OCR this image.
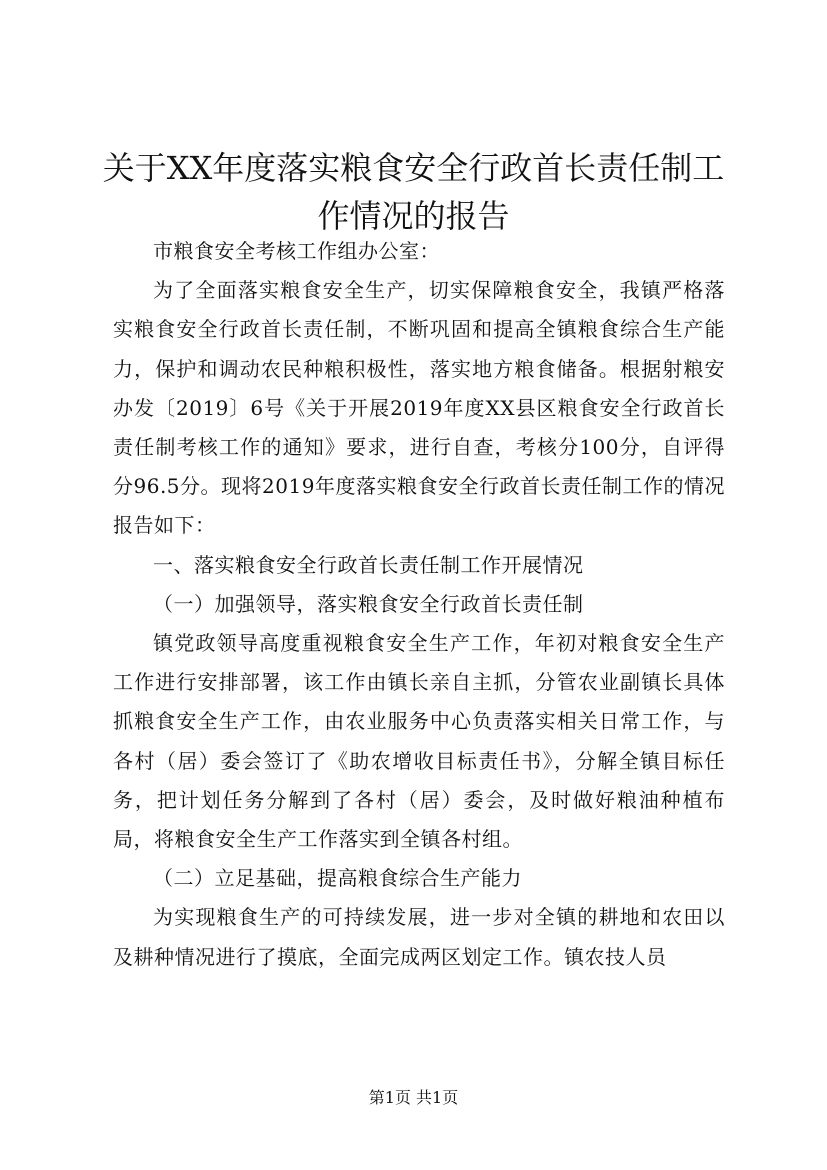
关于XX年度落实粮食安全行政首长责任制工
作情况的报告

市粮食安全考核工作组办公室：

为了全面落实粮食安全生产，切实保障粮食安全，我镇严格落实粮食安全行政首长责任制，不断巩固和提高全镇粮食综合生产能力，保护和调动农民种粮积极性，落实地方粮食储备。根据射粮安办发〔2019〕6号《关于开展2019年度XX县区粮食安全行政首长责任制考核工作的通知》要求，进行自查，考核分100分，自评得分96.5分。现将2019年度落实粮食安全行政首长责任制工作的情况报告如下：

一、落实粮食安全行政首长责任制工作开展情况

（一）加强领导，落实粮食安全行政首长责任制

镇党政领导高度重视粮食安全生产工作，年初对粮食安全生产工作进行安排部署，该工作由镇长亲自主抓，分管农业副镇长具体抓粮食安全生产工作，由农业服务中心负责落实相关日常工作，与各村（居）委会签订了《助农增收目标责任书》，分解全镇目标任务，把计划任务分解到了各村（居）委会，及时做好粮油种植布局，将粮食安全生产工作落实到全镇各村组。

（二）立足基础，提高粮食综合生产能力

为实现粮食生产的可持续发展，进一步对全镇的耕地和农田以及耕种情况进行了摸底，全面完成两区划定工作。镇农技人员

第1页 共1页
